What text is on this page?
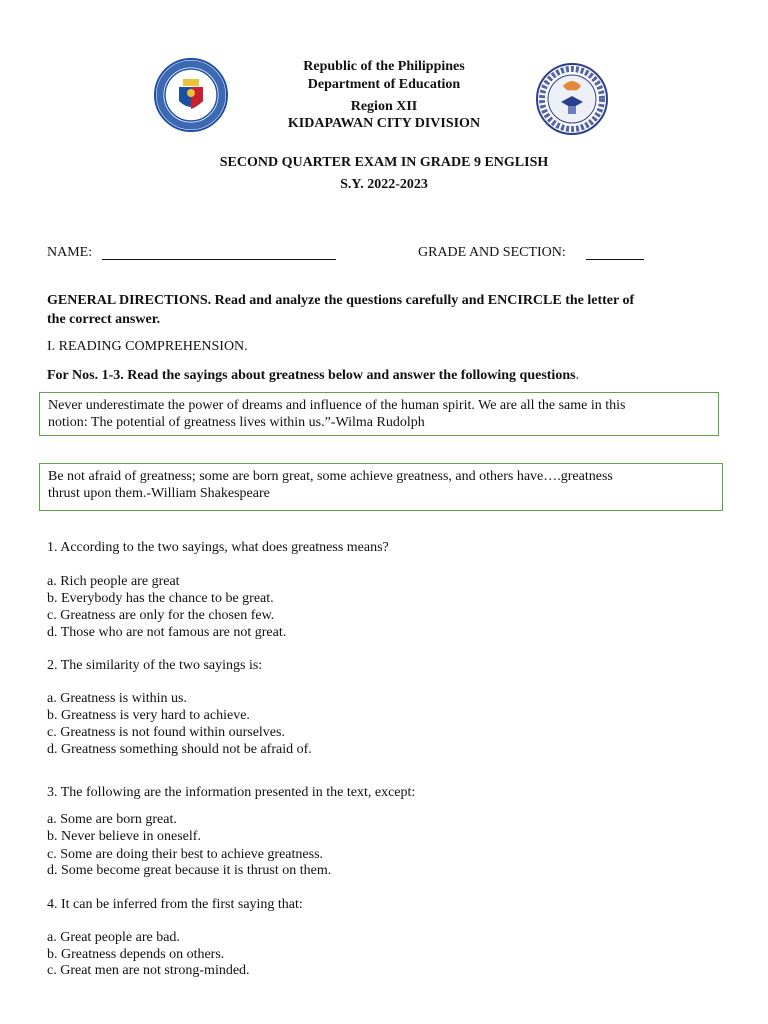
Republic of the Philippines
Department of Education
Region XII
KIDAPAWAN CITY DIVISION
SECOND QUARTER EXAM IN GRADE 9 ENGLISH
S.Y. 2022-2023
NAME:	GRADE AND SECTION:
GENERAL DIRECTIONS. Read and analyze the questions carefully and ENCIRCLE the letter of
the correct answer.
I. READING COMPREHENSION.
For Nos. 1-3. Read the sayings about greatness below and answer the following questions.
Never underestimate the power of dreams and influence of the human spirit. We are all the same in this
notion: The potential of greatness lives within us.”-Wilma Rudolph
Be not afraid of greatness; some are born great, some achieve greatness, and others have….greatness
thrust upon them.-William Shakespeare
1. According to the two sayings, what does greatness means?
a. Rich people are great
b. Everybody has the chance to be great.
c. Greatness are only for the chosen few.
d. Those who are not famous are not great.
2. The similarity of the two sayings is:
a. Greatness is within us.
b. Greatness is very hard to achieve.
c. Greatness is not found within ourselves.
d. Greatness something should not be afraid of.
3. The following are the information presented in the text, except:
a. Some are born great.
b. Never believe in oneself.
c. Some are doing their best to achieve greatness.
d. Some become great because it is thrust on them.
4. It can be inferred from the first saying that:
a. Great people are bad.
b. Greatness depends on others.
c. Great men are not strong-minded.
